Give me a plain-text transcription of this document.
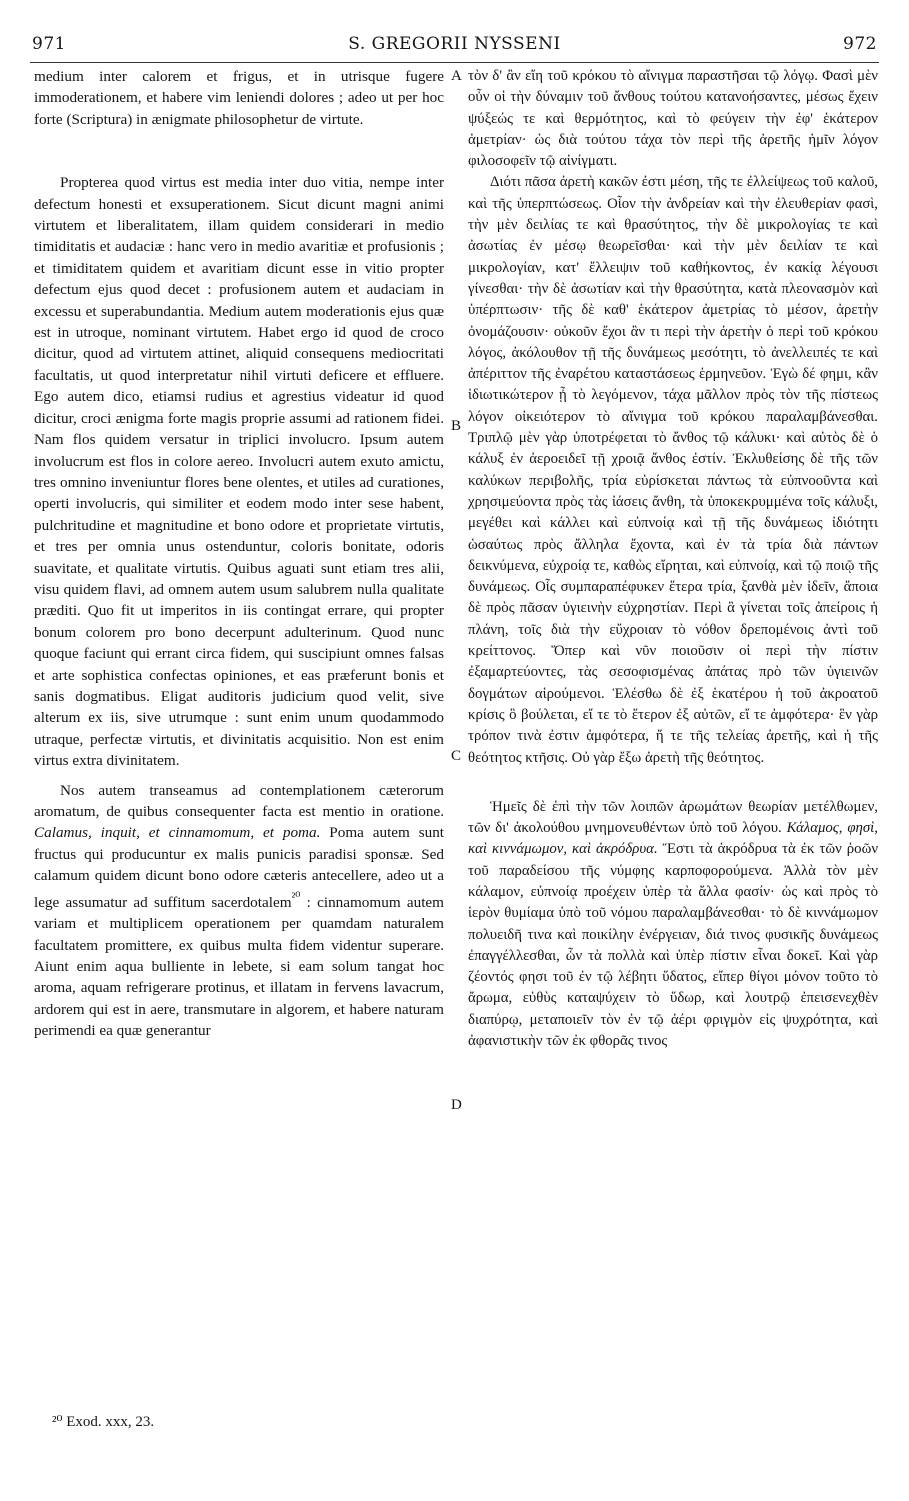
971	S. GREGORII NYSSENI	972

medium inter calorem et frigus, et in utrisque fugere immoderationem, et habere vim leniendi dolores ; adeo ut per hoc forte (Scriptura) in ænigmate philosophetur de virtute.

Propterea quod virtus est media inter duo vitia, nempe inter defectum honesti et exsuperationem. Sicut dicunt magni animi virtutem et liberalitatem, illam quidem considerari in medio timiditatis et audaciæ : hanc vero in medio avaritiæ et profusionis ; et timiditatem quidem et avaritiam dicunt esse in vitio propter defectum ejus quod decet : profusionem autem et audaciam in excessu et superabundantia. Medium autem moderationis ejus quæ est in utroque, nominant virtutem. Habet ergo id quod de croco dicitur, quod ad virtutem attinet, aliquid consequens mediocritati facultatis, ut quod interpretatur nihil virtuti deficere et effluere. Ego autem dico, etiamsi rudius et agrestius videatur id quod dicitur, croci ænigma forte magis proprie assumi ad rationem fidei. Nam flos quidem versatur in triplici involucro. Ipsum autem involucrum est flos in colore aereo. Involucri autem exuto amictu, tres omnino inveniuntur flores bene olentes, et utiles ad curationes, operti involucris, qui similiter et eodem modo inter sese habent, pulchritudine et magnitudine et bono odore et proprietate virtutis, et tres per omnia unus ostenduntur, coloris bonitate, odoris suavitate, et qualitate virtutis. Quibus aguati sunt etiam tres alii, visu quidem flavi, ad omnem autem usum salubrem nulla qualitate præditi. Quo fit ut imperitos in iis contingat errare, qui propter bonum colorem pro bono decerpunt adulterinum. Quod nunc quoque faciunt qui errant circa fidem, qui suscipiunt omnes falsas et arte sophistica confectas opiniones, et eas præferunt bonis et sanis dogmatibus. Eligat auditoris judicium quod velit, sive alterum ex iis, sive utrumque : sunt enim unum quodammodo utraque, perfectæ virtutis, et divinitatis acquisitio. Non est enim virtus extra divinitatem.

Nos autem transeamus ad contemplationem cæterorum aromatum, de quibus consequenter facta est mentio in oratione. Calamus, inquit, et cinnamomum, et poma. Poma autem sunt fructus qui producuntur ex malis punicis paradisi sponsæ. Sed calamum quidem dicunt bono odore cæteris antecellere, adeo ut a lege assumatur ad suffitum sacerdotalem$^{^{20}}$ : cinnamomum autem variam et multiplicem operationem per quamdam naturalem facultatem promittere, ex quibus multa fidem videntur superare. Aiunt enim aqua bulliente in lebete, si eam solum tangat hoc aroma, aquam refrigerare protinus, et illatam in fervens lavacrum, ardorem qui est in aere, transmutare in algorem, et habere naturam perimendi ea quæ generantur

A
B
C
D

τὸν δ' ἂν εἴη τοῦ κρόκου τὸ αἴνιγμα παραστῆσαι τῷ λόγῳ. Φασὶ μὲν οὖν οἱ τὴν δύναμιν τοῦ ἄνθους τούτου κατανοήσαντες, μέσως ἔχειν ψύξεώς τε καὶ θερμότητος, καὶ τὸ φεύγειν τὴν ἐφ' ἑκάτερον ἀμετρίαν· ὡς διὰ τούτου τάχα τὸν περὶ τῆς ἀρετῆς ἡμῖν λόγον φιλοσοφεῖν τῷ αἰνίγματι.

Διότι πᾶσα ἀρετὴ κακῶν ἐστι μέση, τῆς τε ἐλλείψεως τοῦ καλοῦ, καὶ τῆς ὑπερπτώσεως. Οἷον τὴν ἀνδρείαν καὶ τὴν ἐλευθερίαν φασὶ, τὴν μὲν δειλίας τε καὶ θρασύτητος, τὴν δὲ μικρολογίας τε καὶ ἀσωτίας ἐν μέσῳ θεωρεῖσθαι· καὶ τὴν μὲν δειλίαν τε καὶ μικρολογίαν, κατ' ἔλλειψιν τοῦ καθήκοντος, ἐν κακίᾳ λέγουσι γίνεσθαι· τὴν δὲ ἀσωτίαν καὶ τὴν θρασύτητα, κατὰ πλεονασμὸν καὶ ὑπέρπτωσιν· τῆς δὲ καθ' ἑκάτερον ἀμετρίας τὸ μέσον, ἀρετὴν ὀνομάζουσιν· οὐκοῦν ἔχοι ἂν τι περὶ τὴν ἀρετὴν ὁ περὶ τοῦ κρόκου λόγος, ἀκόλουθον τῇ τῆς δυνάμεως μεσότητι, τὸ ἀνελλειπές τε καὶ ἀπέριττον τῆς ἐναρέτου καταστάσεως ἑρμηνεῦον. Ἐγὼ δέ φημι, κἂν ἰδιωτικώτερον ᾖ τὸ λεγόμενον, τάχα μᾶλλον πρὸς τὸν τῆς πίστεως λόγον οἰκειότερον τὸ αἴνιγμα τοῦ κρόκου παραλαμβάνεσθαι. Τριπλῷ μὲν γὰρ ὑποτρέφεται τὸ ἄνθος τῷ κάλυκι· καὶ αὐτὸς δὲ ὁ κάλυξ ἐν ἀεροειδεῖ τῇ χροιᾷ ἄνθος ἐστίν. Ἐκλυθείσης δὲ τῆς τῶν καλύκων περιβολῆς, τρία εὑρίσκεται πάντως τὰ εὐπνοοῦντα καὶ χρησιμεύοντα πρὸς τὰς ἰάσεις ἄνθη, τὰ ὑποκεκρυμμένα τοῖς κάλυξι, μεγέθει καὶ κάλλει καὶ εὐπνοίᾳ καὶ τῇ τῆς δυνάμεως ἰδιότητι ὡσαύτως πρὸς ἄλληλα ἔχοντα, καὶ ἐν τὰ τρία διὰ πάντων δεικνύμενα, εὐχροίᾳ τε, καθὼς εἴρηται, καὶ εὐπνοίᾳ, καὶ τῷ ποιῷ τῆς δυνάμεως. Οἷς συμπαραπέφυκεν ἕτερα τρία, ξανθὰ μὲν ἰδεῖν, ἄποια δὲ πρὸς πᾶσαν ὑγιεινὴν εὐχρηστίαν. Περὶ ἃ γίνεται τοῖς ἀπείροις ἡ πλάνη, τοῖς διὰ τὴν εὔχροιαν τὸ νόθον δρεπομένοις ἀντὶ τοῦ κρείττονος. Ὅπερ καὶ νῦν ποιοῦσιν οἱ περὶ τὴν πίστιν ἐξαμαρτεύοντες, τὰς σεσοφισμένας ἀπάτας πρὸ τῶν ὑγιεινῶν δογμάτων αἱρούμενοι. Ἑλέσθω δὲ ἐξ ἑκατέρου ἡ τοῦ ἀκροατοῦ κρίσις ὃ βούλεται, εἴ τε τὸ ἕτερον ἐξ αὐτῶν, εἴ τε ἀμφότερα· ἓν γὰρ τρόπον τινὰ ἐστιν ἀμφότερα, ἥ τε τῆς τελείας ἀρετῆς, καὶ ἡ τῆς θεότητος κτῆσις. Οὐ γὰρ ἔξω ἀρετὴ τῆς θεότητος.

Ἡμεῖς δὲ ἐπὶ τὴν τῶν λοιπῶν ἀρωμάτων θεωρίαν μετέλθωμεν, τῶν δι' ἀκολούθου μνημονευθέντων ὑπὸ τοῦ λόγου. Κάλαμος, φησὶ, καὶ κιννάμωμον, καὶ ἀκρόδρυα. Ἔστι τὰ ἀκρόδρυα τὰ ἐκ τῶν ῥοῶν τοῦ παραδείσου τῆς νύμφης καρποφορούμενα. Ἀλλὰ τὸν μὲν κάλαμον, εὐπνοίᾳ προέχειν ὑπὲρ τὰ ἄλλα φασίν· ὡς καὶ πρὸς τὸ ἱερὸν θυμίαμα ὑπὸ τοῦ νόμου παραλαμβάνεσθαι· τὸ δὲ κιννάμωμον πολυειδῆ τινα καὶ ποικίλην ἐνέργειαν, διά τινος φυσικῆς δυνάμεως ἐπαγγέλλεσθαι, ὧν τὰ πολλὰ καὶ ὑπὲρ πίστιν εἶναι δοκεῖ. Καὶ γὰρ ζέοντός φησι τοῦ ἐν τῷ λέβητι ὕδατος, εἴπερ θίγοι μόνον τοῦτο τὸ ἄρωμα, εὐθὺς καταψύχειν τὸ ὕδωρ, καὶ λουτρῷ ἐπεισενεχθὲν διαπύρῳ, μεταποιεῖν τὸν ἐν τῷ ἀέρι φριγμὸν εἰς ψυχρότητα, καὶ ἀφανιστικὴν τῶν ἐκ φθορᾶς τινος

²⁰ Exod. xxx, 23.
